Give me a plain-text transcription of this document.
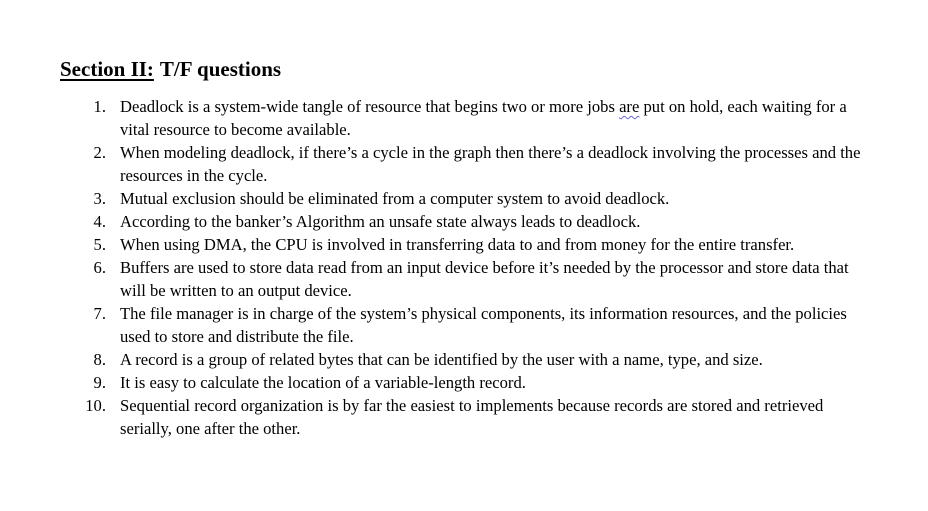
Section II: T/F questions
1. Deadlock is a system-wide tangle of resource that begins two or more jobs are put on hold, each waiting for a vital resource to become available.
2. When modeling deadlock, if there’s a cycle in the graph then there’s a deadlock involving the processes and the resources in the cycle.
3. Mutual exclusion should be eliminated from a computer system to avoid deadlock.
4. According to the banker’s Algorithm an unsafe state always leads to deadlock.
5. When using DMA, the CPU is involved in transferring data to and from money for the entire transfer.
6. Buffers are used to store data read from an input device before it’s needed by the processor and store data that will be written to an output device.
7. The file manager is in charge of the system’s physical components, its information resources, and the policies used to store and distribute the file.
8. A record is a group of related bytes that can be identified by the user with a name, type, and size.
9. It is easy to calculate the location of a variable-length record.
10. Sequential record organization is by far the easiest to implements because records are stored and retrieved serially, one after the other.
